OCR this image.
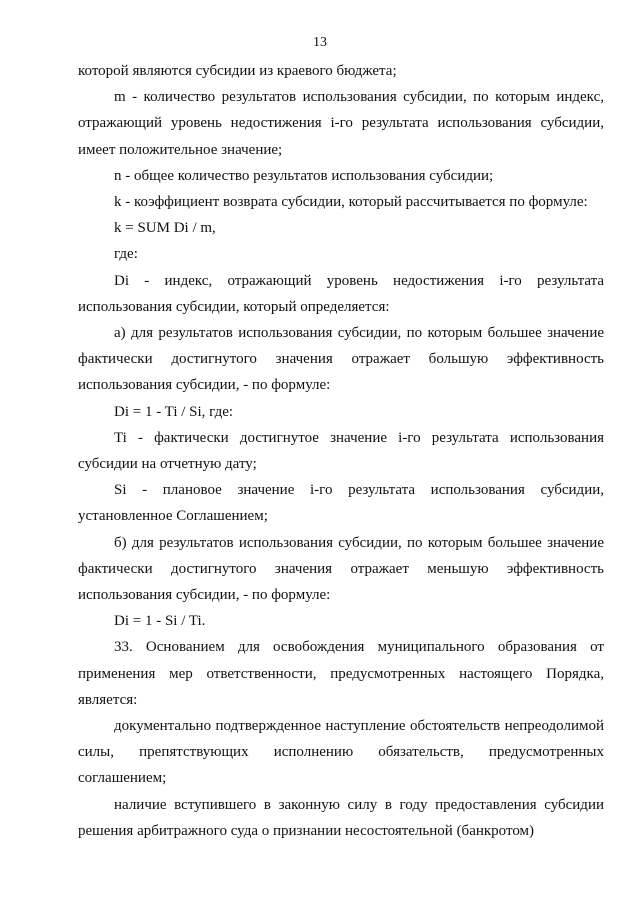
13

которой являются субсидии из краевого бюджета;

m - количество результатов использования субсидии, по которым индекс, отражающий уровень недостижения i-го результата использования субсидии, имеет положительное значение;

n - общее количество результатов использования субсидии;

k - коэффициент возврата субсидии, который рассчитывается по формуле:

k = SUM Di / m,

где:

Di - индекс, отражающий уровень недостижения i-го результата использования субсидии, который определяется:

а) для результатов использования субсидии, по которым большее значение фактически достигнутого значения отражает большую эффективность использования субсидии, - по формуле:

Di = 1 - Ti / Si, где:

Ti - фактически достигнутое значение i-го результата использования субсидии на отчетную дату;

Si - плановое значение i-го результата использования субсидии, установленное Соглашением;

б) для результатов использования субсидии, по которым большее значение фактически достигнутого значения отражает меньшую эффективность использования субсидии, - по формуле:

Di = 1 - Si / Ti.

33. Основанием для освобождения муниципального образования от применения мер ответственности, предусмотренных настоящего Порядка, является:

документально подтвержденное наступление обстоятельств непреодолимой силы, препятствующих исполнению обязательств, предусмотренных соглашением;

наличие вступившего в законную силу в году предоставления субсидии решения арбитражного суда о признании несостоятельной (банкротом)
